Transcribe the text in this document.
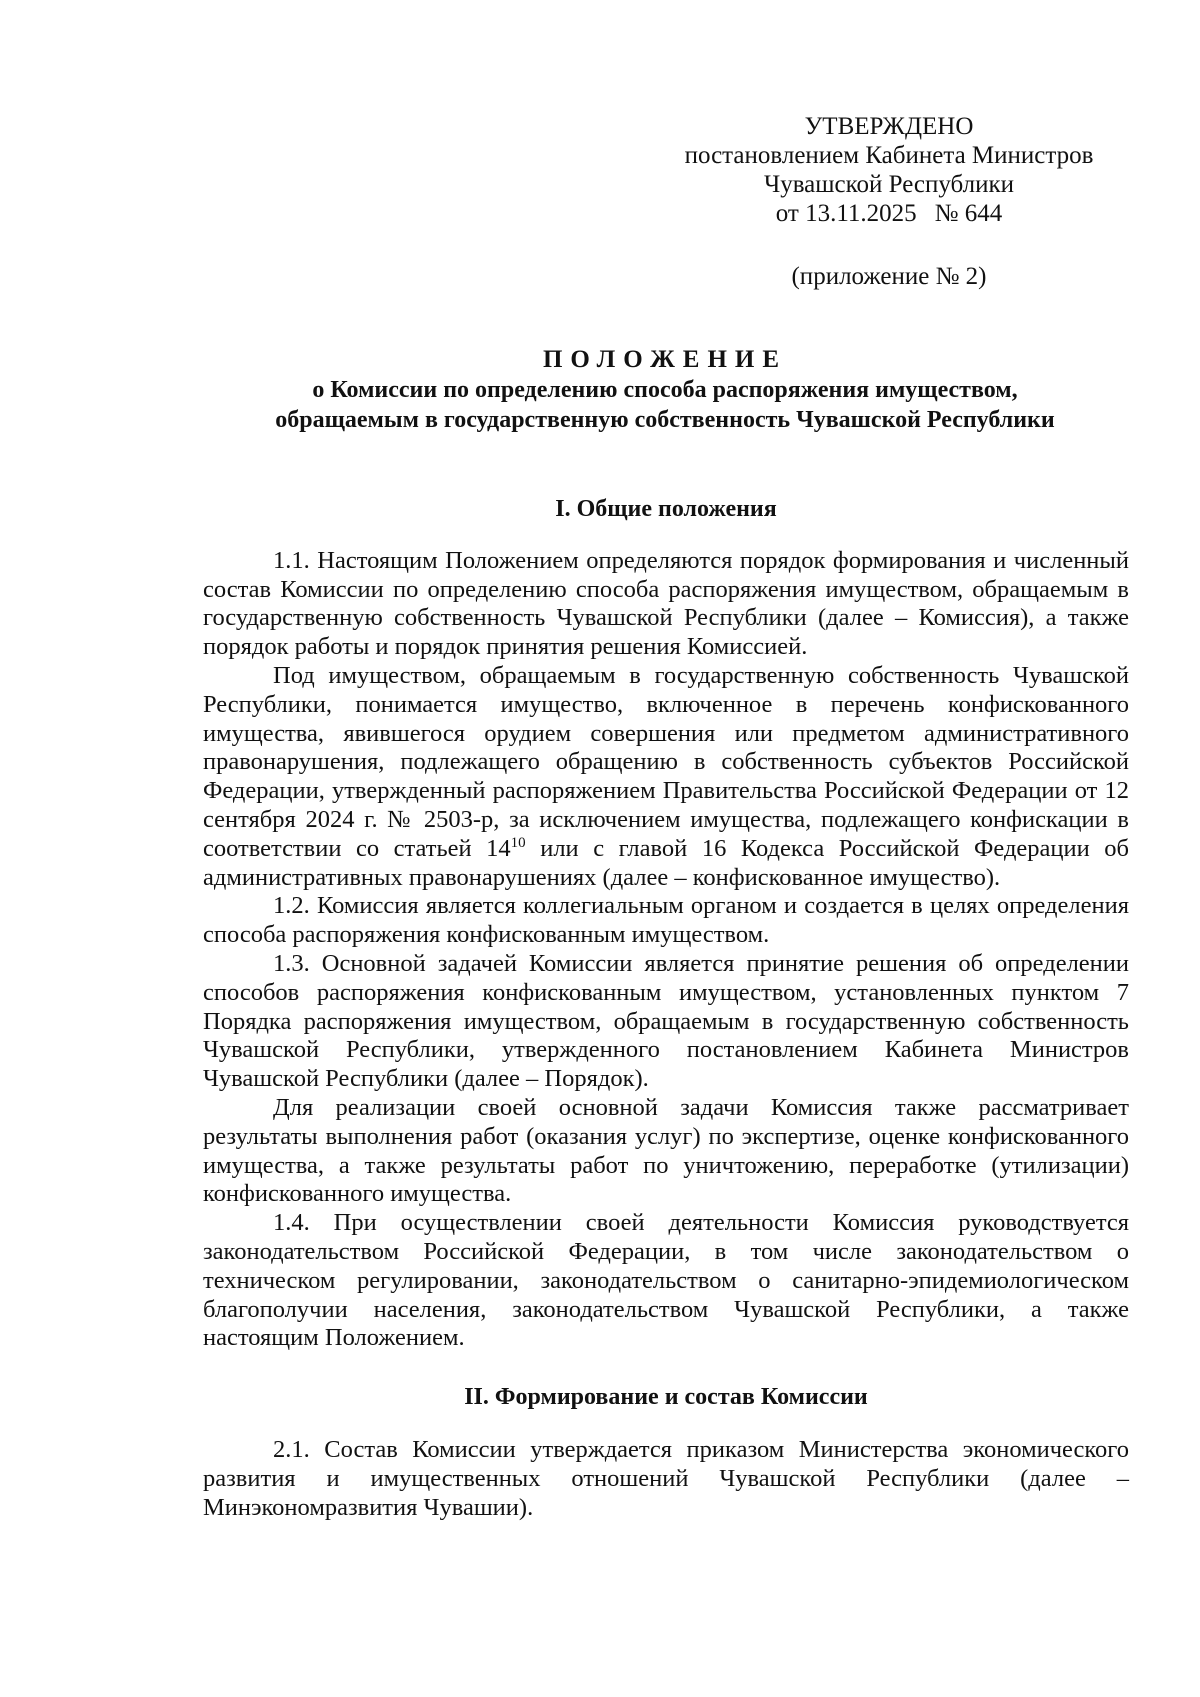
УТВЕРЖДЕНО
постановлением Кабинета Министров
Чувашской Республики
от 13.11.2025 № 644
(приложение № 2)
ПОЛОЖЕНИЕ
о Комиссии по определению способа распоряжения имуществом,
обращаемым в государственную собственность Чувашской Республики
I. Общие положения

1.1. Настоящим Положением определяются порядок формирования и численный состав Комиссии по определению способа распоряжения имуществом, обращаемым в государственную собственность Чувашской Республики (далее – Комиссия), а также порядок работы и порядок принятия решения Комиссией.

Под имуществом, обращаемым в государственную собственность Чувашской Республики, понимается имущество, включенное в перечень конфискованного имущества, явившегося орудием совершения или предметом административного правонарушения, подлежащего обращению в собственность субъектов Российской Федерации, утвержденный распоряжением Правительства Российской Федерации от 12 сентября 2024 г. № 2503-р, за исключением имущества, подлежащего конфискации в соответствии со статьей $14^{10}$ или с главой 16 Кодекса Российской Федерации об административных правонарушениях (далее – конфискованное имущество).

1.2. Комиссия является коллегиальным органом и создается в целях определения способа распоряжения конфискованным имуществом.

1.3. Основной задачей Комиссии является принятие решения об определении способов распоряжения конфискованным имуществом, установленных пунктом 7 Порядка распоряжения имуществом, обращаемым в государственную собственность Чувашской Республики, утвержденного постановлением Кабинета Министров Чувашской Республики (далее – Порядок).

Для реализации своей основной задачи Комиссия также рассматривает результаты выполнения работ (оказания услуг) по экспертизе, оценке конфискованного имущества, а также результаты работ по уничтожению, переработке (утилизации) конфискованного имущества.

1.4. При осуществлении своей деятельности Комиссия руководствуется законодательством Российской Федерации, в том числе законодательством о техническом регулировании, законодательством о санитарно-эпидемиологическом благополучии населения, законодательством Чувашской Республики, а также настоящим Положением.

II. Формирование и состав Комиссии

2.1. Состав Комиссии утверждается приказом Министерства экономического развития и имущественных отношений Чувашской Республики (далее – Минэкономразвития Чувашии).
